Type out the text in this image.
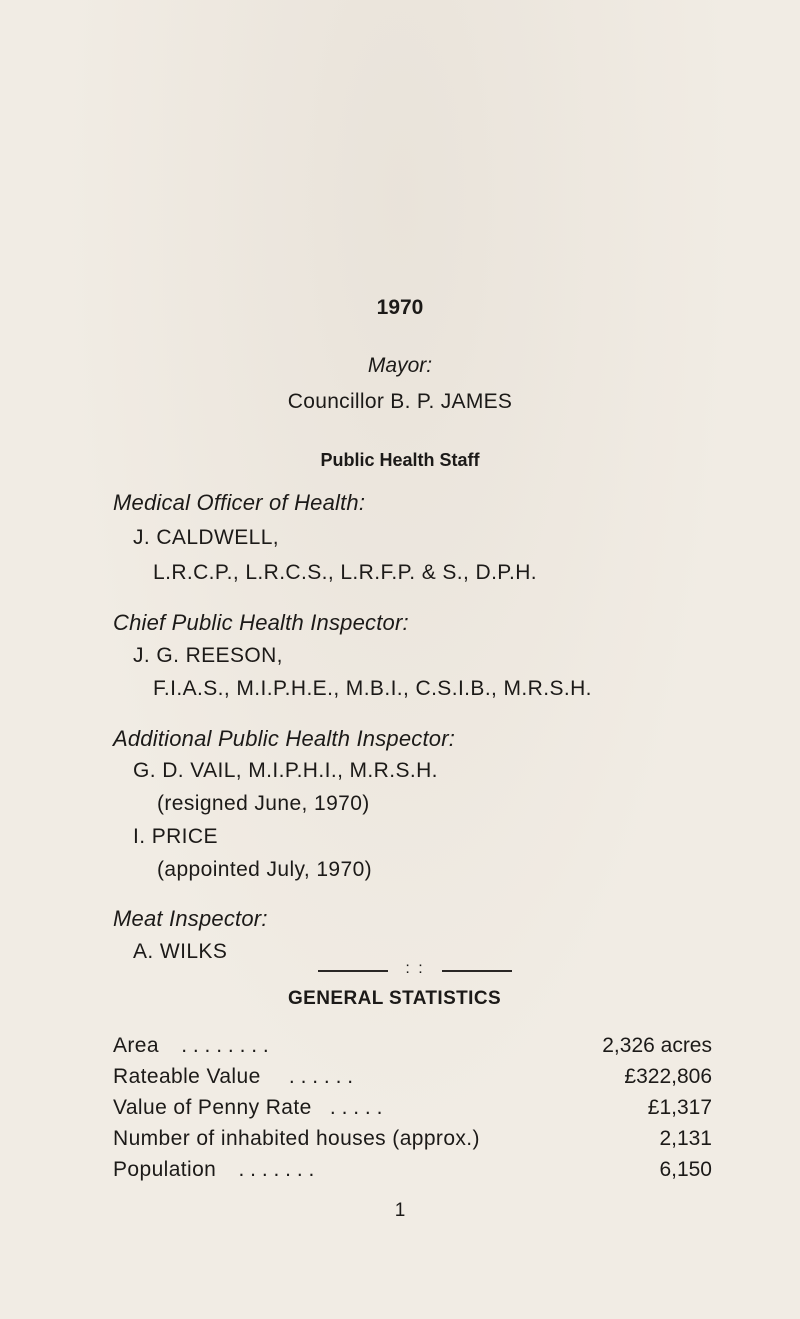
1970
Mayor:
Councillor B. P. JAMES
Public Health Staff
Medical Officer of Health:
J. CALDWELL,
L.R.C.P., L.R.C.S., L.R.F.P. & S., D.P.H.
Chief Public Health Inspector:
J. G. REESON,
F.I.A.S., M.I.P.H.E., M.B.I., C.S.I.B., M.R.S.H.
Additional Public Health Inspector:
G. D. VAIL, M.I.P.H.I., M.R.S.H.
(resigned June, 1970)
I. PRICE
(appointed July, 1970)
Meat Inspector:
A. WILKS
: :
GENERAL STATISTICS
Area . . . . . . . .	2,326 acres
Rateable Value . . . . . .	£322,806
Value of Penny Rate . . . . .	£1,317
Number of inhabited houses (approx.)	2,131
Population . . . . . . .	6,150
1
